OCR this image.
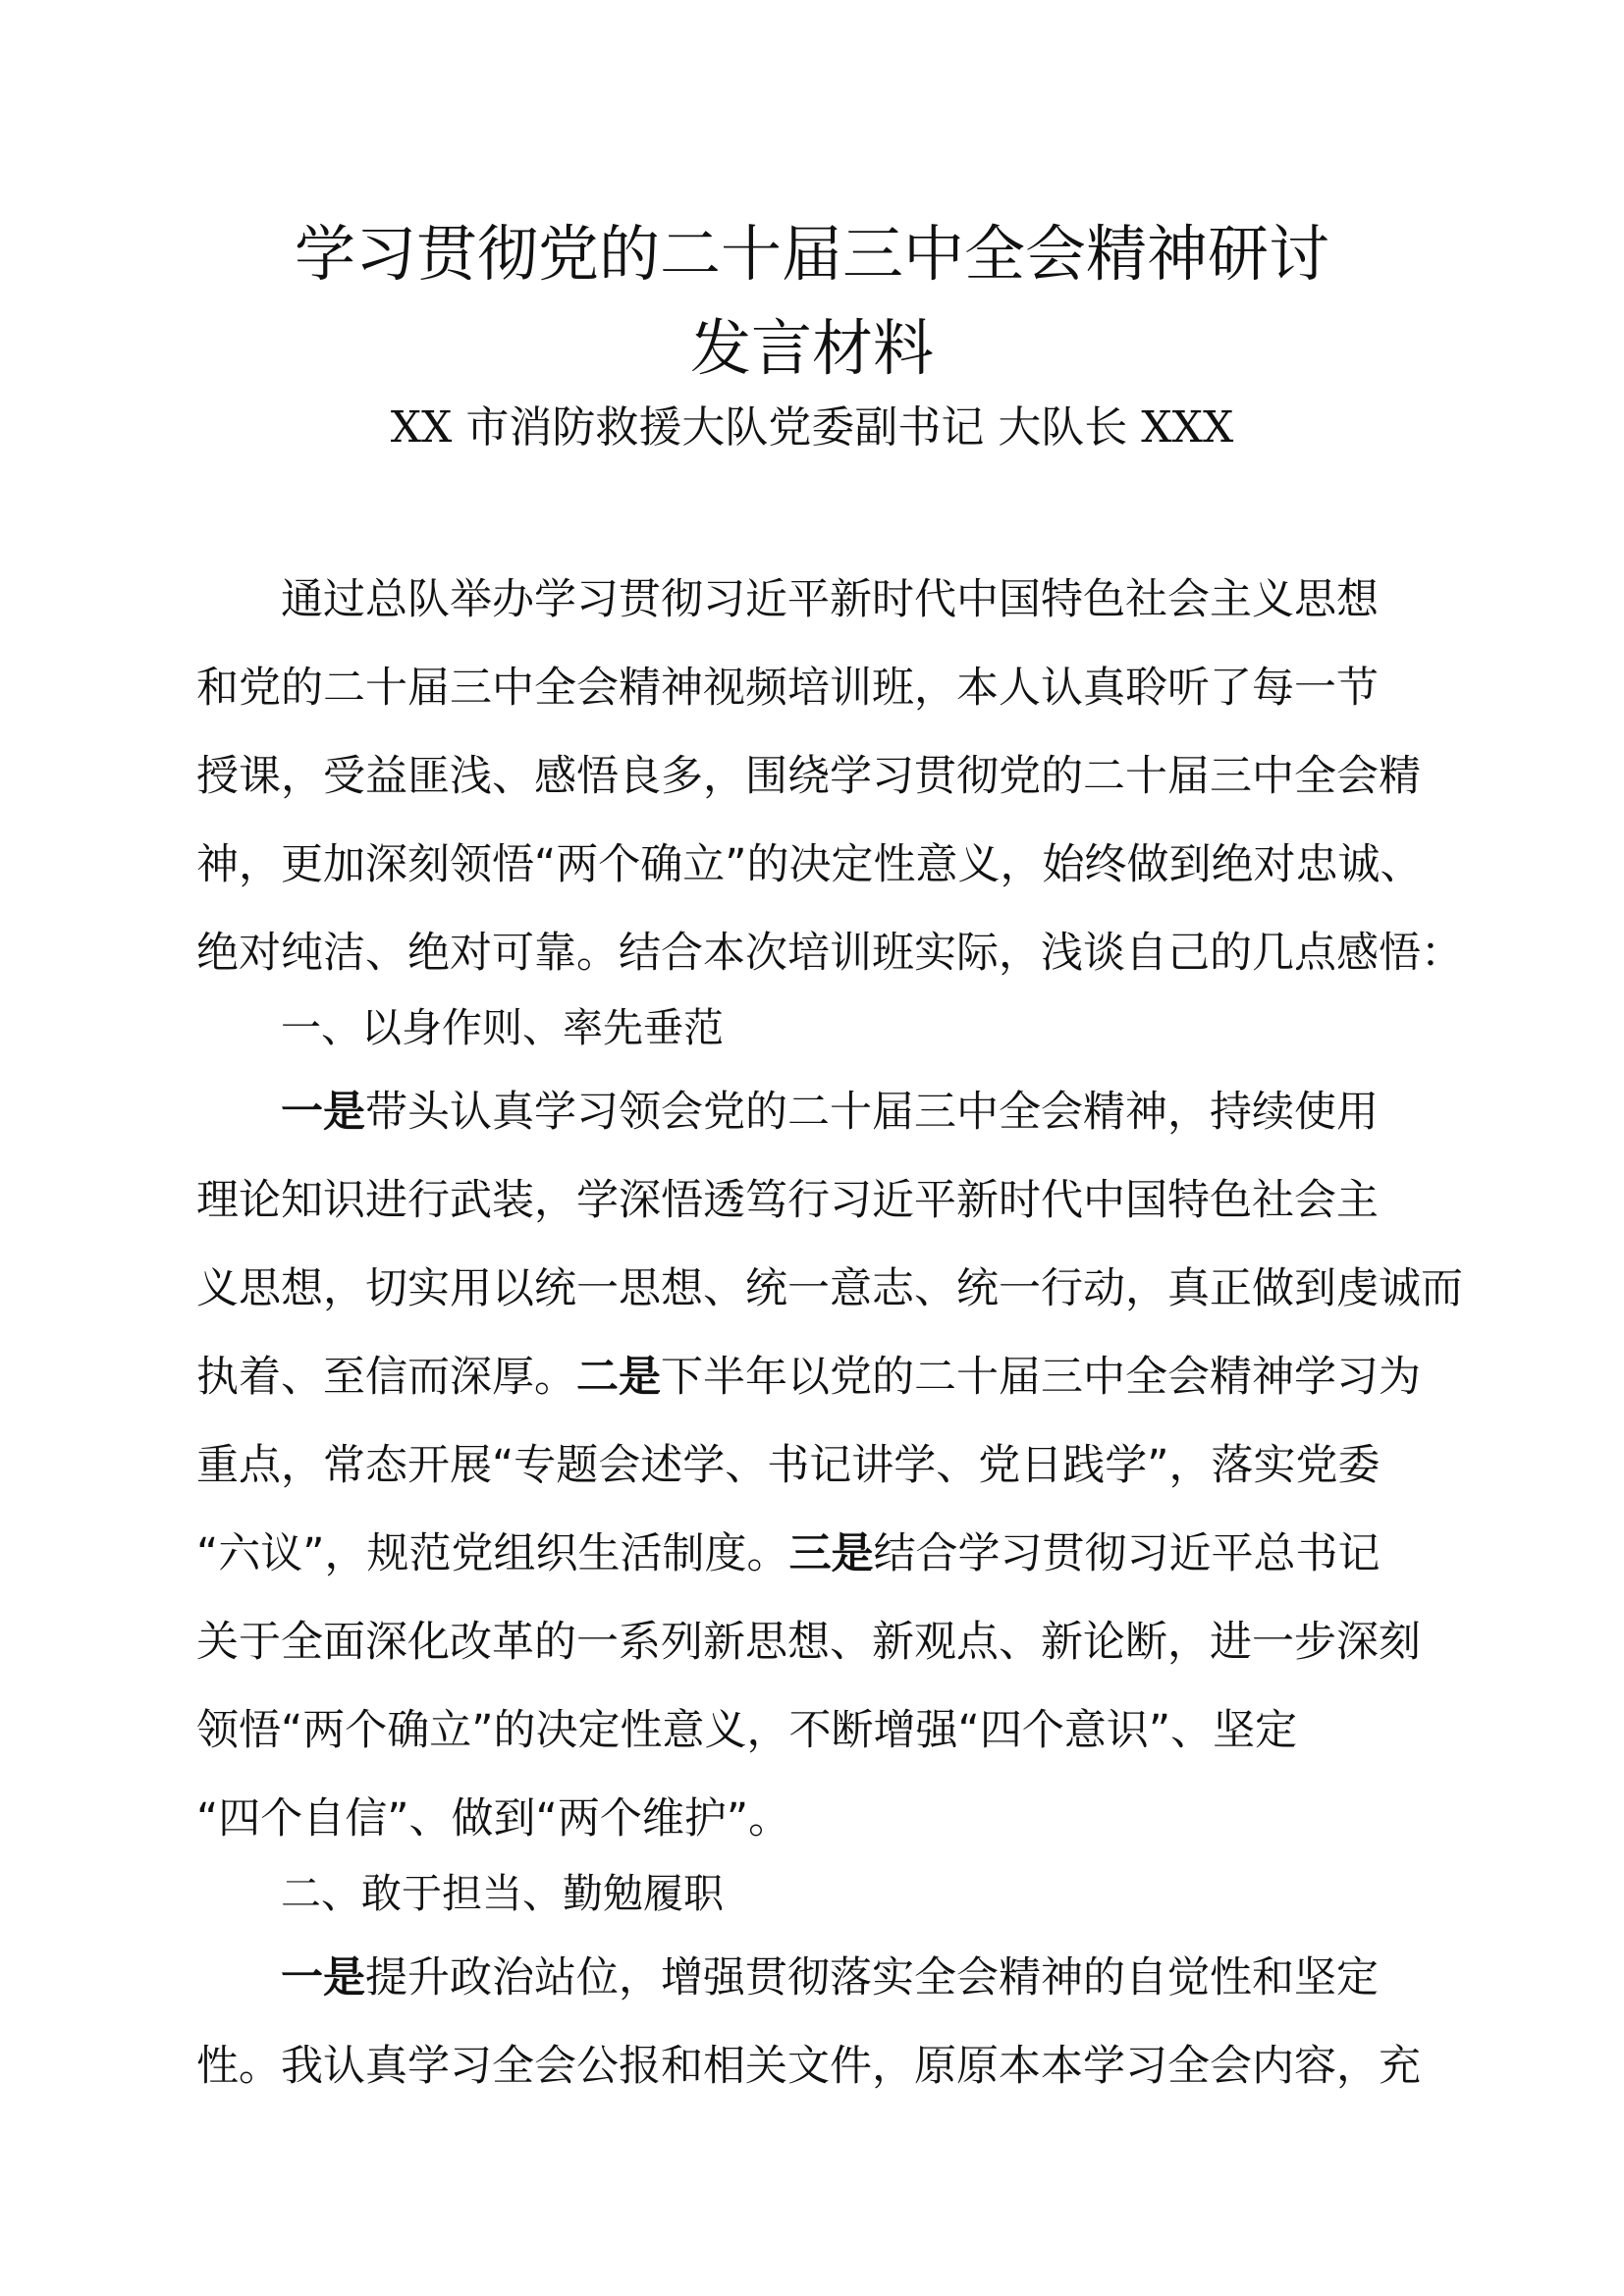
学习贯彻党的二十届三中全会精神研讨
发言材料
XX 市消防救援大队党委副书记 大队长 XXX
通过总队举办学习贯彻习近平新时代中国特色社会主义思想
和党的二十届三中全会精神视频培训班，本人认真聆听了每一节
授课，受益匪浅、感悟良多，围绕学习贯彻党的二十届三中全会精
神，更加深刻领悟“两个确立”的决定性意义，始终做到绝对忠诚、
绝对纯洁、绝对可靠。结合本次培训班实际，浅谈自己的几点感悟：
一、以身作则、率先垂范
一是带头认真学习领会党的二十届三中全会精神，持续使用
理论知识进行武装，学深悟透笃行习近平新时代中国特色社会主
义思想，切实用以统一思想、统一意志、统一行动，真正做到虔诚而
执着、至信而深厚。二是下半年以党的二十届三中全会精神学习为
重点，常态开展“专题会述学、书记讲学、党日践学”，落实党委
“六议”，规范党组织生活制度。三是结合学习贯彻习近平总书记
关于全面深化改革的一系列新思想、新观点、新论断，进一步深刻
领悟“两个确立”的决定性意义，不断增强“四个意识”、坚定
“四个自信”、做到“两个维护”。
二、敢于担当、勤勉履职
一是提升政治站位，增强贯彻落实全会精神的自觉性和坚定
性。我认真学习全会公报和相关文件，原原本本学习全会内容，充
